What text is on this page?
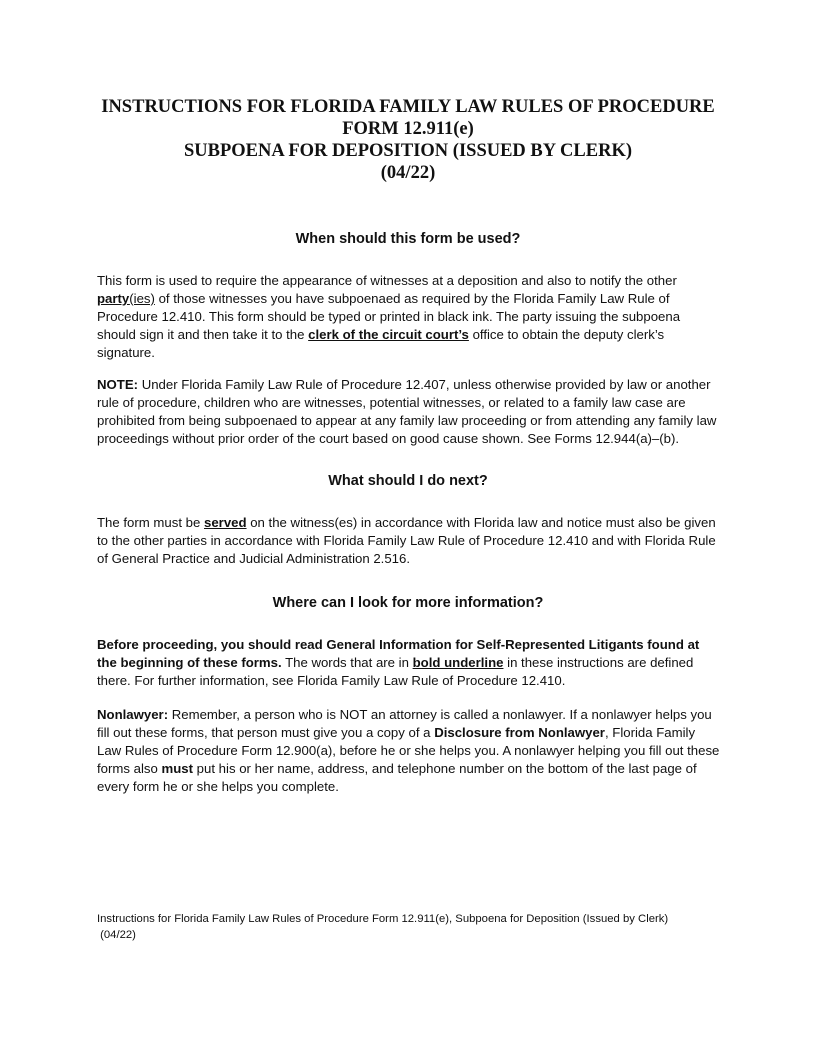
INSTRUCTIONS FOR FLORIDA FAMILY LAW RULES OF PROCEDURE
FORM 12.911(e)
SUBPOENA FOR DEPOSITION (ISSUED BY CLERK)
(04/22)
When should this form be used?

This form is used to require the appearance of witnesses at a deposition and also to notify the other party(ies) of those witnesses you have subpoenaed as required by the Florida Family Law Rule of Procedure 12.410. This form should be typed or printed in black ink. The party issuing the subpoena should sign it and then take it to the clerk of the circuit court’s office to obtain the deputy clerk’s signature.

NOTE: Under Florida Family Law Rule of Procedure 12.407, unless otherwise provided by law or another rule of procedure, children who are witnesses, potential witnesses, or related to a family law case are prohibited from being subpoenaed to appear at any family law proceeding or from attending any family law proceedings without prior order of the court based on good cause shown. See Forms 12.944(a)–(b).

What should I do next?

The form must be served on the witness(es) in accordance with Florida law and notice must also be given to the other parties in accordance with Florida Family Law Rule of Procedure 12.410 and with Florida Rule of General Practice and Judicial Administration 2.516.

Where can I look for more information?

Before proceeding, you should read General Information for Self-Represented Litigants found at the beginning of these forms. The words that are in bold underline in these instructions are defined there. For further information, see Florida Family Law Rule of Procedure 12.410.

Nonlawyer: Remember, a person who is NOT an attorney is called a nonlawyer. If a nonlawyer helps you fill out these forms, that person must give you a copy of a Disclosure from Nonlawyer, Florida Family Law Rules of Procedure Form 12.900(a), before he or she helps you. A nonlawyer helping you fill out these forms also must put his or her name, address, and telephone number on the bottom of the last page of every form he or she helps you complete.

Instructions for Florida Family Law Rules of Procedure Form 12.911(e), Subpoena for Deposition (Issued by Clerk)
(04/22)
